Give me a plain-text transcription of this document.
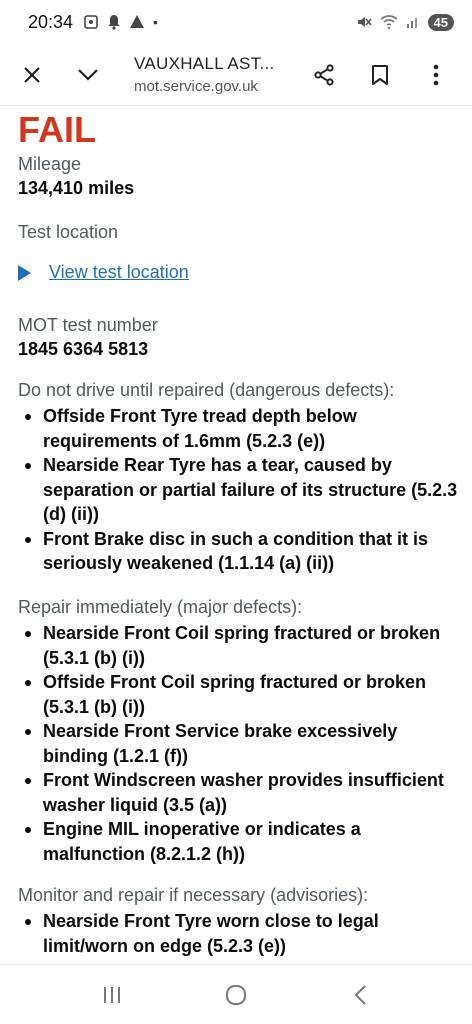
20:34	•	45
VAUXHALL AST...
mot.service.gov.uk
FAIL
Mileage
134,410 miles
Test location
View test location
MOT test number
1845 6364 5813
Do not drive until repaired (dangerous defects):
Offside Front Tyre tread depth below requirements of 1.6mm (5.2.3 (e))
Nearside Rear Tyre has a tear, caused by separation or partial failure of its structure (5.2.3 (d) (ii))
Front Brake disc in such a condition that it is seriously weakened (1.1.14 (a) (ii))
Repair immediately (major defects):
Nearside Front Coil spring fractured or broken (5.3.1 (b) (i))
Offside Front Coil spring fractured or broken (5.3.1 (b) (i))
Nearside Front Service brake excessively binding (1.2.1 (f))
Front Windscreen washer provides insufficient washer liquid (3.5 (a))
Engine MIL inoperative or indicates a malfunction (8.2.1.2 (h))
Monitor and repair if necessary (advisories):
Nearside Front Tyre worn close to legal limit/worn on edge (5.2.3 (e))
